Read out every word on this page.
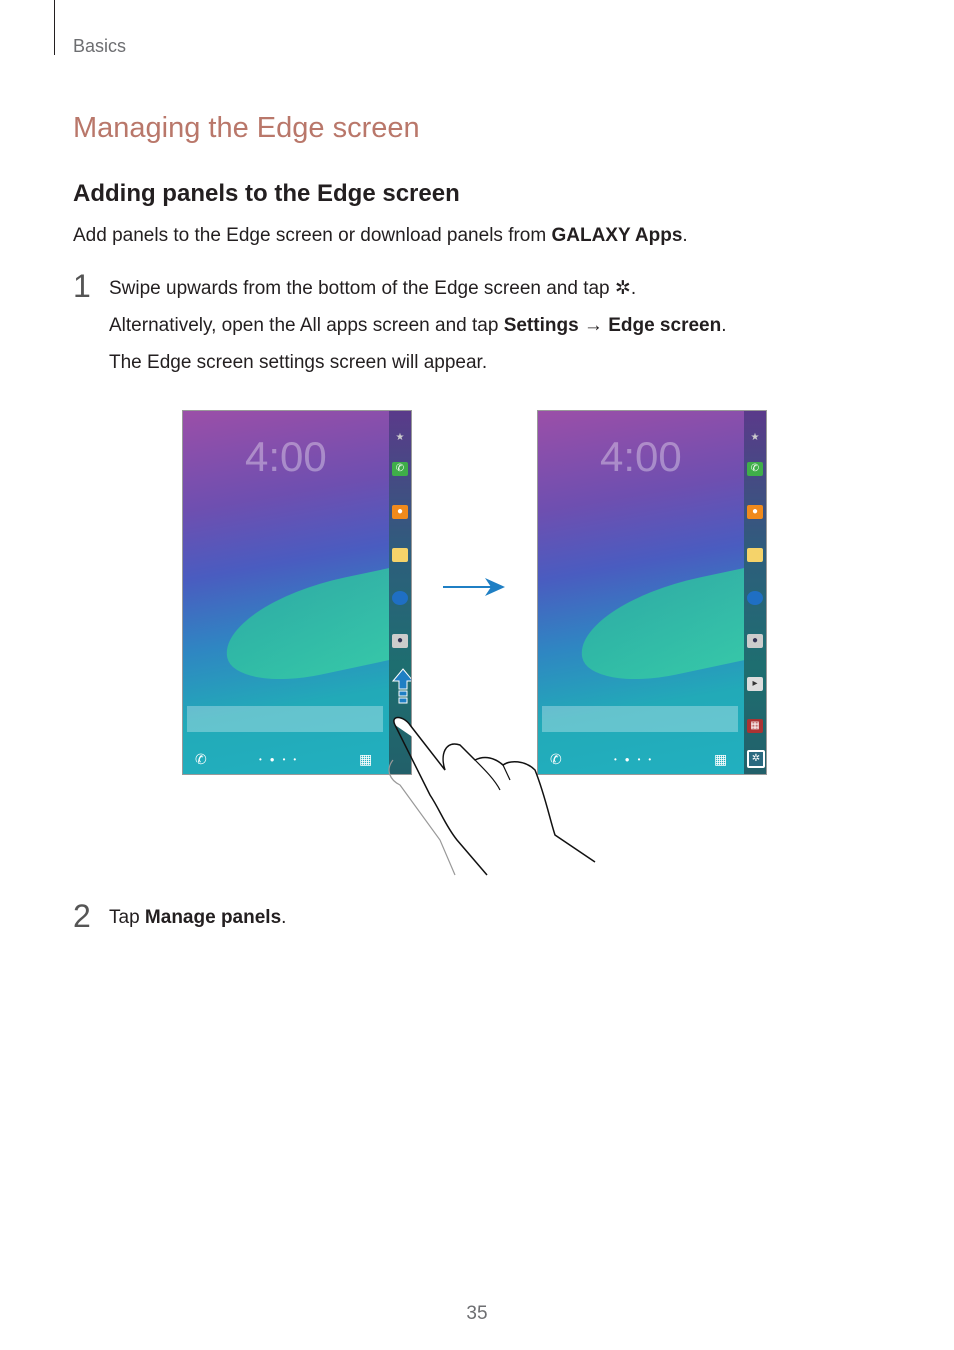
Basics
Managing the Edge screen
Adding panels to the Edge screen
Add panels to the Edge screen or download panels from GALAXY Apps.
1 Swipe upwards from the bottom of the Edge screen and tap ✲.
Alternatively, open the All apps screen and tap Settings → Edge screen.
The Edge screen settings screen will appear.
4:00
✆	•●••	▦
★
✆
●
●
4:00
✆	•●••	▦
★
✆
●
●
▸
▦
✲
2 Tap Manage panels.
35
